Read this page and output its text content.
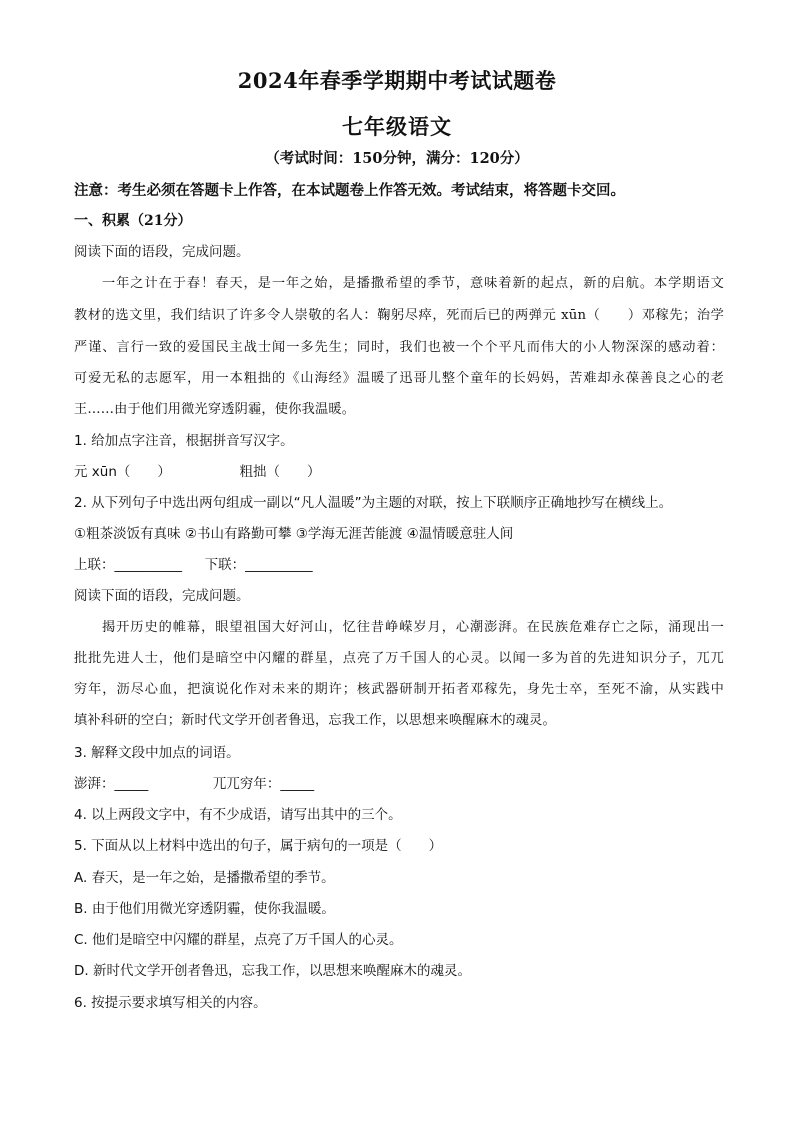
2024年春季学期期中考试试题卷
七年级语文
（考试时间：150分钟，满分：120分）
注意：考生必须在答题卡上作答，在本试题卷上作答无效。考试结束，将答题卡交回。
一、积累（21分）
阅读下面的语段，完成问题。
一年之计在于春！春天，是一年之始，是播撒希望的季节，意味着新的起点，新的启航。本学期语文
教材的选文里，我们结识了许多令人崇敬的名人：鞠躬尽瘁，死而后已的两弹元 xūn（　　）邓稼先；治学
严谨、言行一致的爱国民主战士闻一多先生；同时，我们也被一个个平凡而伟大的小人物深深的感动着：
可爱无私的志愿军，用一本粗拙的《山海经》温暖了迅哥儿整个童年的长妈妈，苦难却永葆善良之心的老
王……由于他们用微光穿透阴霾，使你我温暖。
1. 给加点字注音，根据拼音写汉字。
元 xūn（　　）	粗拙（　　）
2. 从下列句子中选出两句组成一副以“凡人温暖”为主题的对联，按上下联顺序正确地抄写在横线上。
①粗茶淡饭有真味 ②书山有路勤可攀 ③学海无涯苦能渡 ④温情暖意驻人间
上联：__________ 下联：__________
阅读下面的语段，完成问题。
揭开历史的帷幕，眼望祖国大好河山，忆往昔峥嵘岁月，心潮澎湃。在民族危难存亡之际，涌现出一
批批先进人士，他们是暗空中闪耀的群星，点亮了万千国人的心灵。以闻一多为首的先进知识分子，兀兀
穷年，沥尽心血，把演说化作对未来的期许；核武器研制开拓者邓稼先，身先士卒，至死不渝，从实践中
填补科研的空白；新时代文学开创者鲁迅，忘我工作，以思想来唤醒麻木的魂灵。
3. 解释文段中加点的词语。
澎湃：_____	兀兀穷年：_____
4. 以上两段文字中，有不少成语，请写出其中的三个。
5. 下面从以上材料中选出的句子，属于病句的一项是（　　）
A. 春天，是一年之始，是播撒希望的季节。
B. 由于他们用微光穿透阴霾，使你我温暖。
C. 他们是暗空中闪耀的群星，点亮了万千国人的心灵。
D. 新时代文学开创者鲁迅，忘我工作，以思想来唤醒麻木的魂灵。
6. 按提示要求填写相关的内容。
